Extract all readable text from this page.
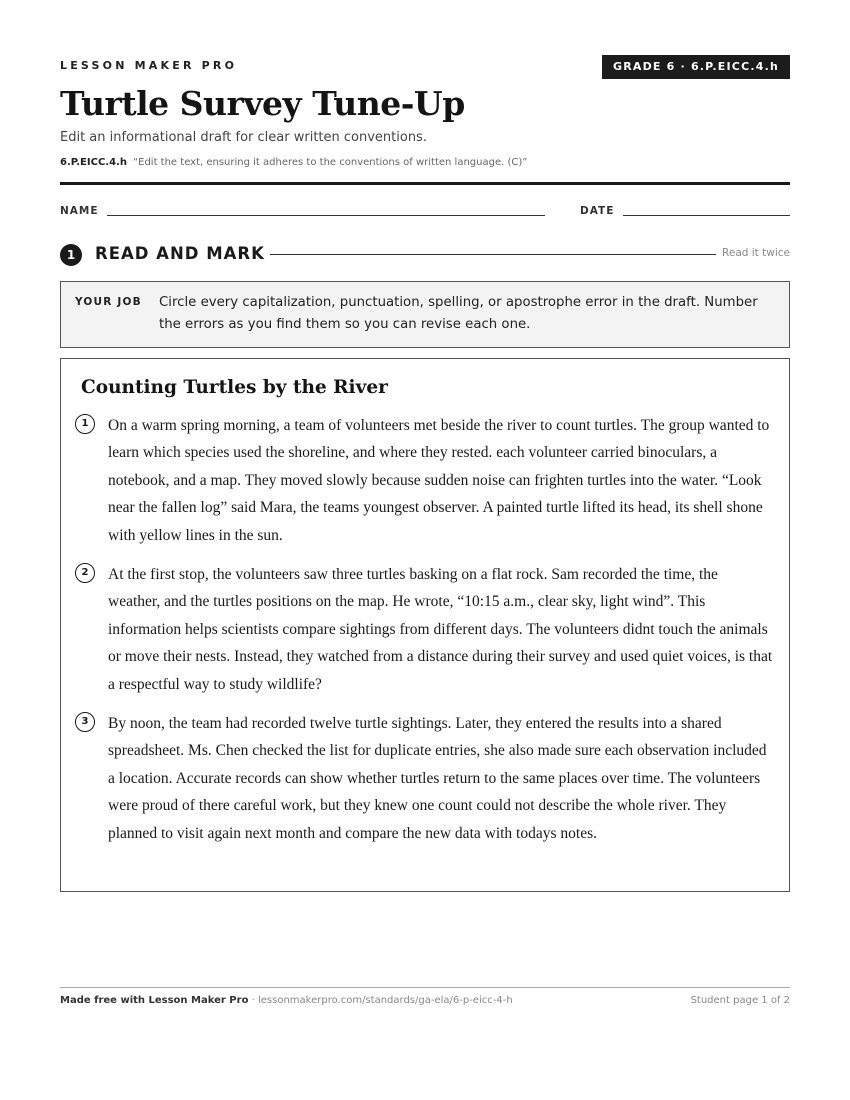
LESSON MAKER PRO	GRADE 6 · 6.P.EICC.4.h
Turtle Survey Tune-Up
Edit an informational draft for clear written conventions.
6.P.EICC.4.h “Edit the text, ensuring it adheres to the conventions of written language. (C)”
NAME	DATE
1	READ AND MARK	Read it twice
YOUR JOB Circle every capitalization, punctuation, spelling, or apostrophe error in the draft. Number the errors as you find them so you can revise each one.
Counting Turtles by the River
1	On a warm spring morning, a team of volunteers met beside the river to count turtles. The group wanted to learn which species used the shoreline, and where they rested. each volunteer carried binoculars, a notebook, and a map. They moved slowly because sudden noise can frighten turtles into the water. “Look near the fallen log” said Mara, the teams youngest observer. A painted turtle lifted its head, its shell shone with yellow lines in the sun.
2	At the first stop, the volunteers saw three turtles basking on a flat rock. Sam recorded the time, the weather, and the turtles positions on the map. He wrote, “10:15 a.m., clear sky, light wind”. This information helps scientists compare sightings from different days. The volunteers didnt touch the animals or move their nests. Instead, they watched from a distance during their survey and used quiet voices, is that a respectful way to study wildlife?
3	By noon, the team had recorded twelve turtle sightings. Later, they entered the results into a shared spreadsheet. Ms. Chen checked the list for duplicate entries, she also made sure each observation included a location. Accurate records can show whether turtles return to the same places over time. The volunteers were proud of there careful work, but they knew one count could not describe the whole river. They planned to visit again next month and compare the new data with todays notes.
Made free with Lesson Maker Pro · lessonmakerpro.com/standards/ga-ela/6-p-eicc-4-h	Student page 1 of 2
